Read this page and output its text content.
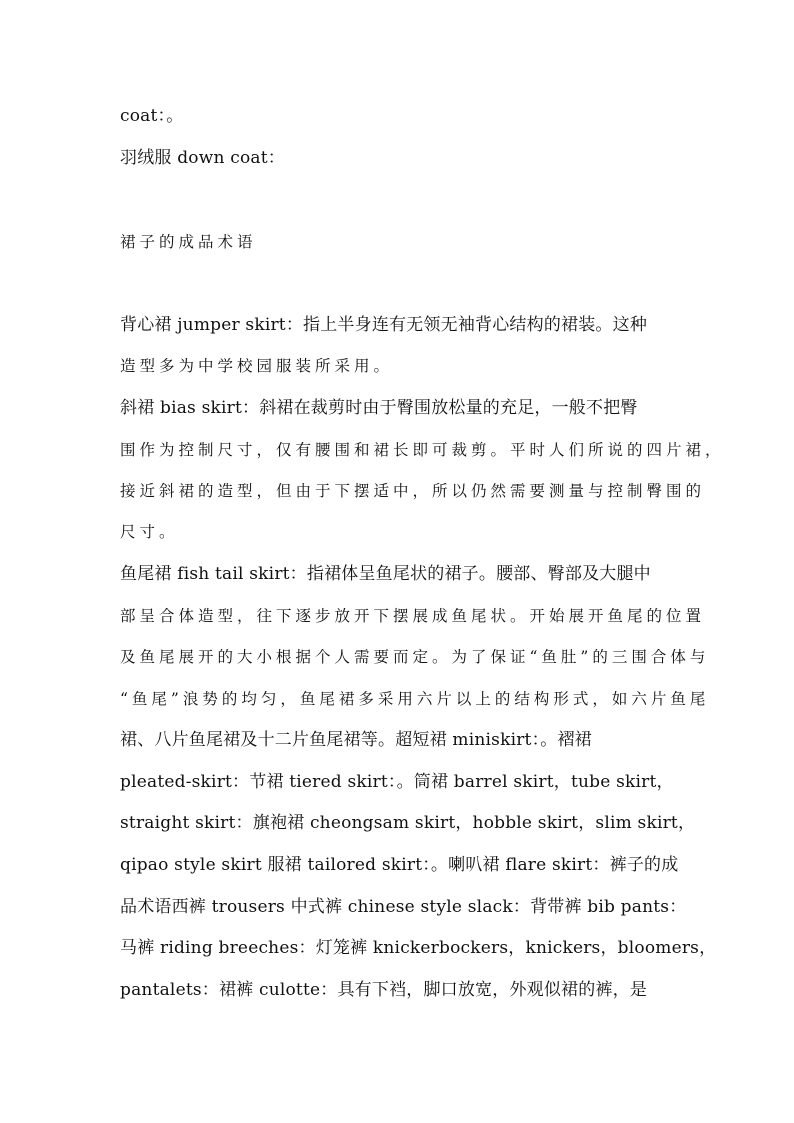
coat：。
羽绒服 down coat：
裙子的成品术语
背心裙 jumper skirt：指上半身连有无领无袖背心结构的裙装。这种
造型多为中学校园服装所采用。
斜裙 bias skirt：斜裙在裁剪时由于臀围放松量的充足，一般不把臀
围作为控制尺寸，仅有腰围和裙长即可裁剪。平时人们所说的四片裙，
接近斜裙的造型，但由于下摆适中，所以仍然需要测量与控制臀围的
尺寸。
鱼尾裙 fish tail skirt：指裙体呈鱼尾状的裙子。腰部、臀部及大腿中
部呈合体造型，往下逐步放开下摆展成鱼尾状。开始展开鱼尾的位置
及鱼尾展开的大小根据个人需要而定。为了保证“鱼肚”的三围合体与
“鱼尾”浪势的均匀，鱼尾裙多采用六片以上的结构形式，如六片鱼尾
裙、八片鱼尾裙及十二片鱼尾裙等。超短裙 miniskirt：。褶裙
pleated-skirt：节裙 tiered skirt：。筒裙 barrel skirt，tube skirt，
straight skirt：旗袍裙 cheongsam skirt，hobble skirt，slim skirt，
qipao style skirt 服裙 tailored skirt：。喇叭裙 flare skirt：裤子的成
品术语西裤 trousers 中式裤 chinese style slack：背带裤 bib pants：
马裤 riding breeches：灯笼裤 knickerbockers，knickers，bloomers，
pantalets：裙裤 culotte：具有下裆，脚口放宽，外观似裙的裤，是
